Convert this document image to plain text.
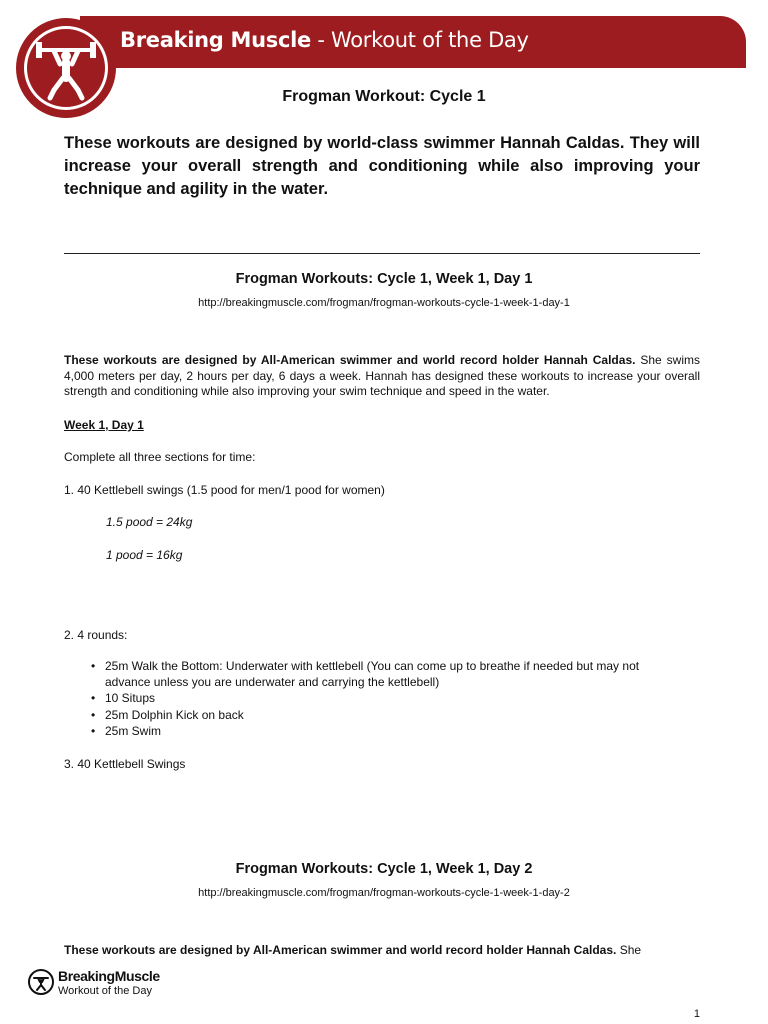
Breaking Muscle - Workout of the Day
Frogman Workout: Cycle 1
These workouts are designed by world-class swimmer Hannah Caldas. They will increase your overall strength and conditioning while also improving your technique and agility in the water.
Frogman Workouts: Cycle 1, Week 1, Day 1
http://breakingmuscle.com/frogman/frogman-workouts-cycle-1-week-1-day-1
These workouts are designed by All-American swimmer and world record holder Hannah Caldas. She swims 4,000 meters per day, 2 hours per day, 6 days a week. Hannah has designed these workouts to increase your overall strength and conditioning while also improving your swim technique and speed in the water.
Week 1, Day 1
Complete all three sections for time:
1. 40 Kettlebell swings (1.5 pood for men/1 pood for women)
1.5 pood = 24kg
1 pood = 16kg
2. 4 rounds:
• 25m Walk the Bottom: Underwater with kettlebell (You can come up to breathe if needed but may not advance unless you are underwater and carrying the kettlebell)
• 10 Situps
• 25m Dolphin Kick on back
• 25m Swim
3. 40 Kettlebell Swings
Frogman Workouts: Cycle 1, Week 1, Day 2
http://breakingmuscle.com/frogman/frogman-workouts-cycle-1-week-1-day-2
These workouts are designed by All-American swimmer and world record holder Hannah Caldas. She
BreakingMuscle
Workout of the Day
1
